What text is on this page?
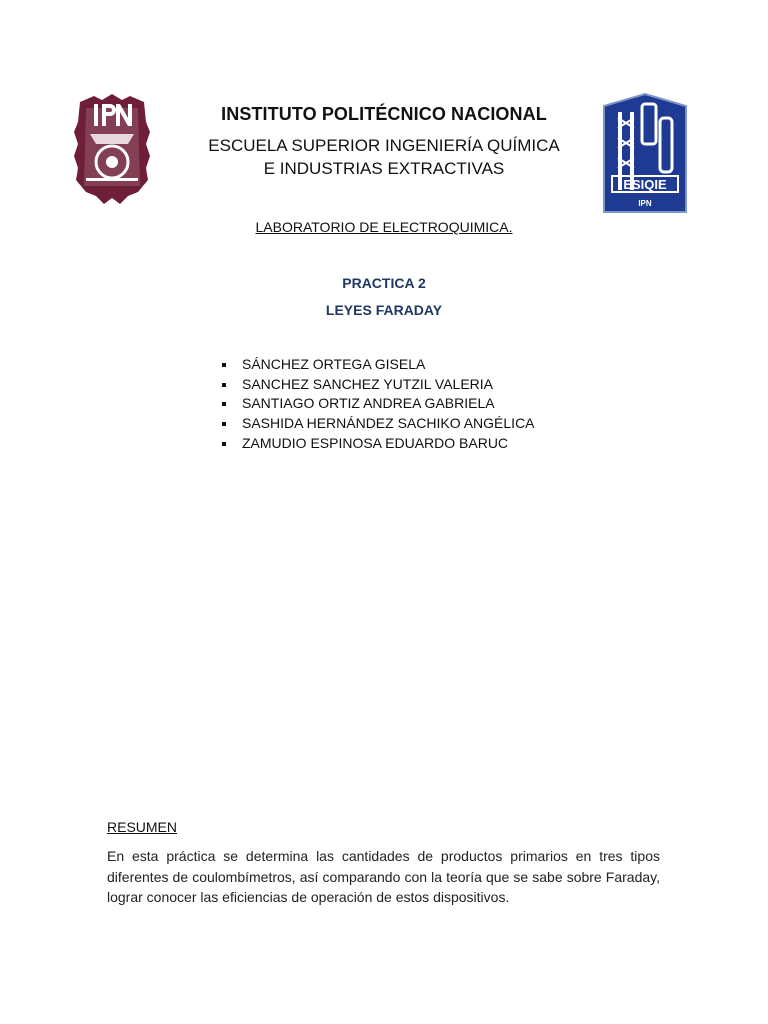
ESIQIE
IPN
INSTITUTO POLITÉCNICO NACIONAL
ESCUELA SUPERIOR INGENIERÍA QUÍMICA
E INDUSTRIAS EXTRACTIVAS
LABORATORIO DE ELECTROQUIMICA.
PRACTICA 2
LEYES FARADAY
SÁNCHEZ ORTEGA GISELA
SANCHEZ SANCHEZ YUTZIL VALERIA
SANTIAGO ORTIZ ANDREA GABRIELA
SASHIDA HERNÁNDEZ SACHIKO ANGÉLICA
ZAMUDIO ESPINOSA EDUARDO BARUC
RESUMEN
En esta práctica se determina las cantidades de productos primarios en tres tipos diferentes de coulombímetros, así comparando con la teoría que se sabe sobre Faraday, lograr conocer las eficiencias de operación de estos dispositivos.
